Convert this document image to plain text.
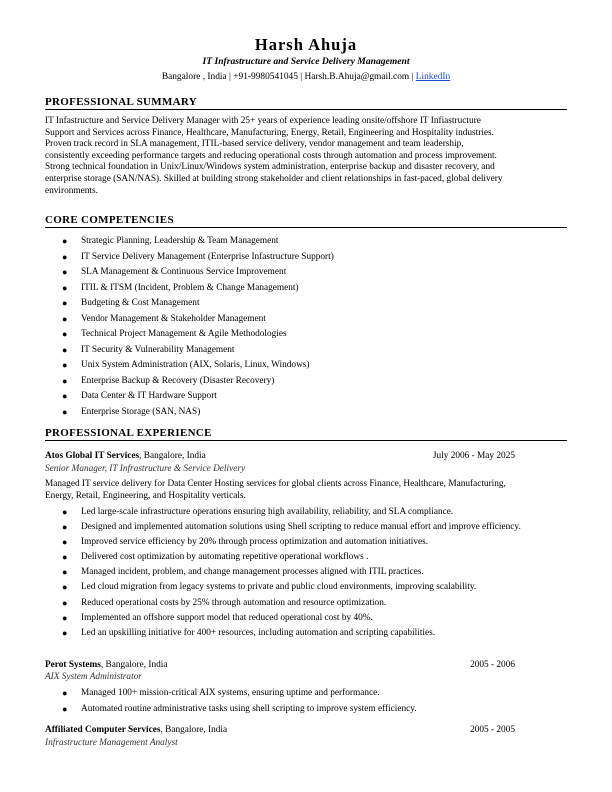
Harsh Ahuja
IT Infrastructure and Service Delivery Management
Bangalore , India | +91-9980541045 | Harsh.B.Ahuja@gmail.com | LinkedIn
PROFESSIONAL SUMMARY
IT Infastructure and Service Delivery Manager with 25+ years of experience leading onsite/offshore IT Infiastructure
Support and Services across Finance, Healthcare, Manufacturing, Energy, Retail, Engineering and Hospitality industries.
Proven track record in SLA management, ITIL-based service delivery, vendor management and team leadership,
consistently exceeding performance targets and reducing operational costs through automation and process improvement.
Strong technical foundation in Unix/Linux/Windows system administration, enterprise backup and disaster recovery, and
enterprise storage (SAN/NAS). Skilled at building strong stakeholder and client relationships in fast-paced, global delivery
environments.
CORE COMPETENCIES
● Strategic Planning, Leadership & Team Management
● IT Service Delivery Management (Enterprise Infastructure Support)
● SLA Management & Continuous Service Improvement
● ITIL & ITSM (Incident, Problem & Change Management)
● Budgeting & Cost Management
● Vendor Management & Stakeholder Management
● Technical Project Management & Agile Methodologies
● IT Security & Vulnerability Management
● Unix System Administration (AIX, Solaris, Linux, Windows)
● Enterprise Backup & Recovery (Disaster Recovery)
● Data Center & IT Hardware Support
● Enterprise Storage (SAN, NAS)
PROFESSIONAL EXPERIENCE
Atos Global IT Services, Bangalore, India	July 2006 - May 2025
Senior Manager, IT Infrastructure & Service Delivery
Managed IT service delivery for Data Center Hosting services for global clients across Finance, Healthcare, Manufacturing,
Energy, Retail, Engineering, and Hospitality verticals.
● Led large-scale infrastructure operations ensuring high availability, reliability, and SLA compliance.
● Designed and implemented automation solutions using Shell scripting to reduce manual effort and improve efficiency.
● Improved service efficiency by 20% through process optimization and automation initiatives.
● Delivered cost optimization by automating repetitive operational workflows .
● Managed incident, problem, and change management processes aligned with ITIL practices.
● Led cloud migration from legacy systems to private and public cloud environments, improving scalability.
● Reduced operational costs by 25% through automation and resource optimization.
● Implemented an offshore support model that reduced operational cost by 40%.
● Led an upskilling initiative for 400+ resources, including automation and scripting capabilities.
Perot Systems, Bangalore, India	2005 - 2006
AIX System Administrator
● Managed 100+ mission-critical AIX systems, ensuring uptime and performance.
● Automated routine administrative tasks using shell scripting to improve system efficiency.
Affiliated Computer Services, Bangalore, India	2005 - 2005
Infrastructure Management Analyst
